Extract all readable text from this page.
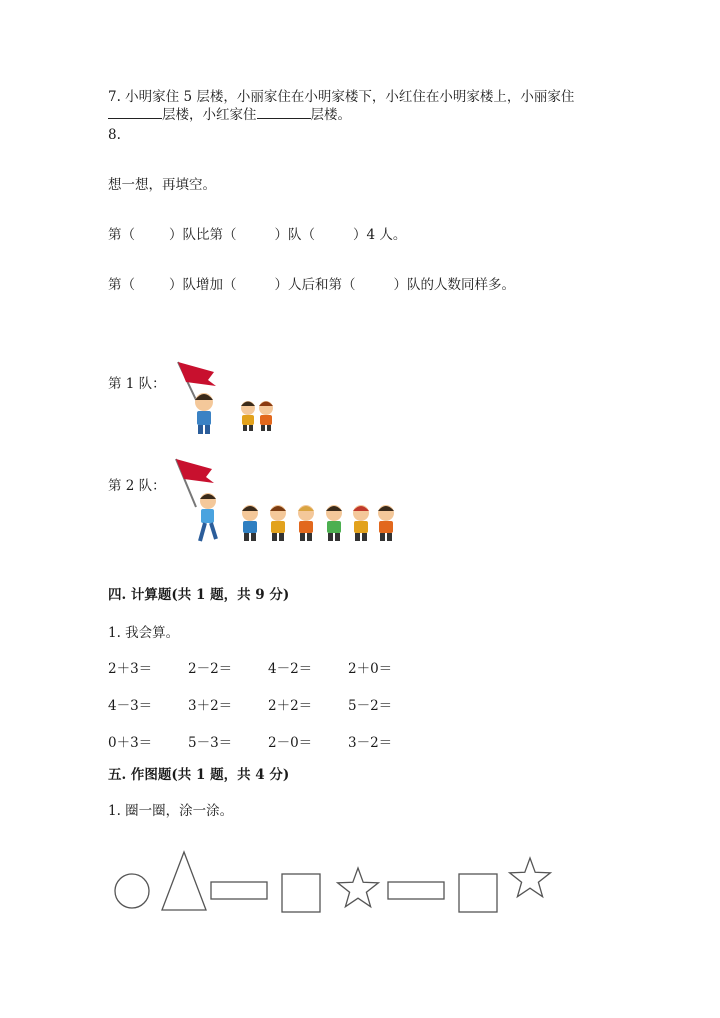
7. 小明家住 5 层楼，小丽家住在小明家楼下，小红住在小明家楼上，小丽家住
层楼，小红家住	层楼。
8.
想一想，再填空。
第（	）队比第（	）队（	）4 人。
第（	）队增加（	）人后和第（	）队的人数同样多。
第 1 队：
第 2 队：
四. 计算题(共 1 题，共 9 分)
1. 我会算。
2＋3＝	2－2＝	4－2＝	2＋0＝
4－3＝	3＋2＝	2＋2＝	5－2＝
0＋3＝	5－3＝	2－0＝	3－2＝
五. 作图题(共 1 题，共 4 分)
1. 圈一圈，涂一涂。
